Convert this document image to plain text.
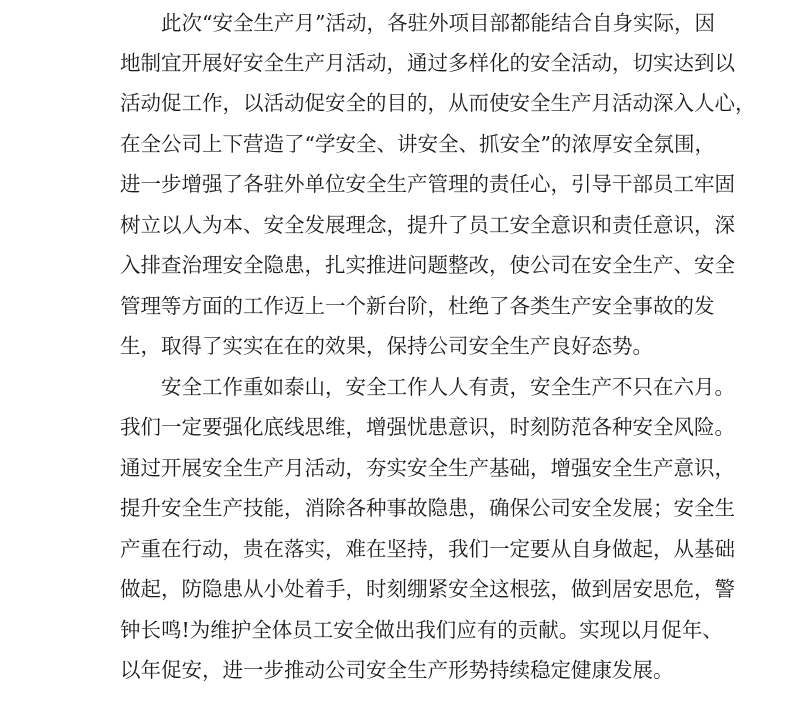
此次“安全生产月”活动，各驻外项目部都能结合自身实际，因
地制宜开展好安全生产月活动，通过多样化的安全活动，切实达到以
活动促工作，以活动促安全的目的，从而使安全生产月活动深入人心，
在全公司上下营造了“学安全、讲安全、抓安全”的浓厚安全氛围，
进一步增强了各驻外单位安全生产管理的责任心，引导干部员工牢固
树立以人为本、安全发展理念，提升了员工安全意识和责任意识，深
入排查治理安全隐患，扎实推进问题整改，使公司在安全生产、安全
管理等方面的工作迈上一个新台阶，杜绝了各类生产安全事故的发
生，取得了实实在在的效果，保持公司安全生产良好态势。
安全工作重如泰山，安全工作人人有责，安全生产不只在六月。
我们一定要强化底线思维，增强忧患意识，时刻防范各种安全风险。
通过开展安全生产月活动，夯实安全生产基础，增强安全生产意识，
提升安全生产技能，消除各种事故隐患，确保公司安全发展；安全生
产重在行动，贵在落实，难在坚持，我们一定要从自身做起，从基础
做起，防隐患从小处着手，时刻绷紧安全这根弦，做到居安思危，警
钟长鸣!为维护全体员工安全做出我们应有的贡献。实现以月促年、
以年促安，进一步推动公司安全生产形势持续稳定健康发展。
